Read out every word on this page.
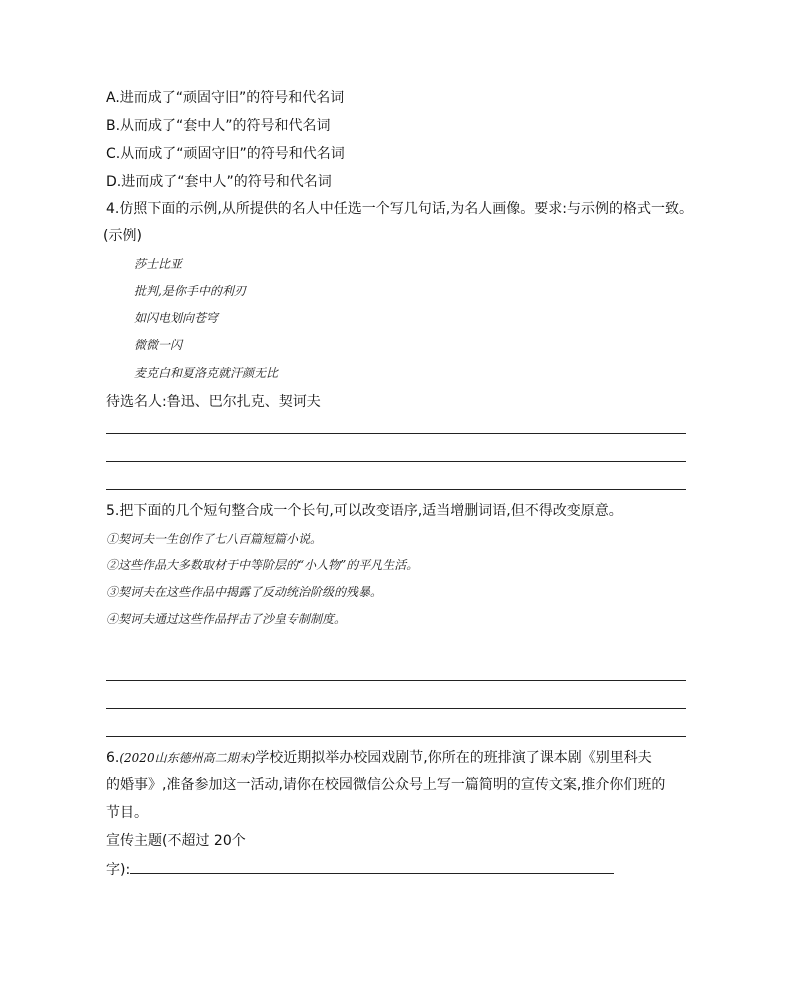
A.进而成了“顽固守旧”的符号和代名词
B.从而成了“套中人”的符号和代名词
C.从而成了“顽固守旧”的符号和代名词
D.进而成了“套中人”的符号和代名词
4.仿照下面的示例,从所提供的名人中任选一个写几句话,为名人画像。要求:与示例的格式一致。
(示例)
莎士比亚
批判,是你手中的利刃
如闪电划向苍穹
微微一闪
麦克白和夏洛克就汗颜无比
待选名人:鲁迅、巴尔扎克、契诃夫
5.把下面的几个短句整合成一个长句,可以改变语序,适当增删词语,但不得改变原意。
①契诃夫一生创作了七八百篇短篇小说。
②这些作品大多数取材于中等阶层的“小人物”的平凡生活。
③契诃夫在这些作品中揭露了反动统治阶级的残暴。
④契诃夫通过这些作品抨击了沙皇专制制度。
6.(2020山东德州高二期末)学校近期拟举办校园戏剧节,你所在的班排演了课本剧《别里科夫
的婚事》,准备参加这一活动,请你在校园微信公众号上写一篇简明的宣传文案,推介你们班的
节目。
宣传主题(不超过 20个
字):
